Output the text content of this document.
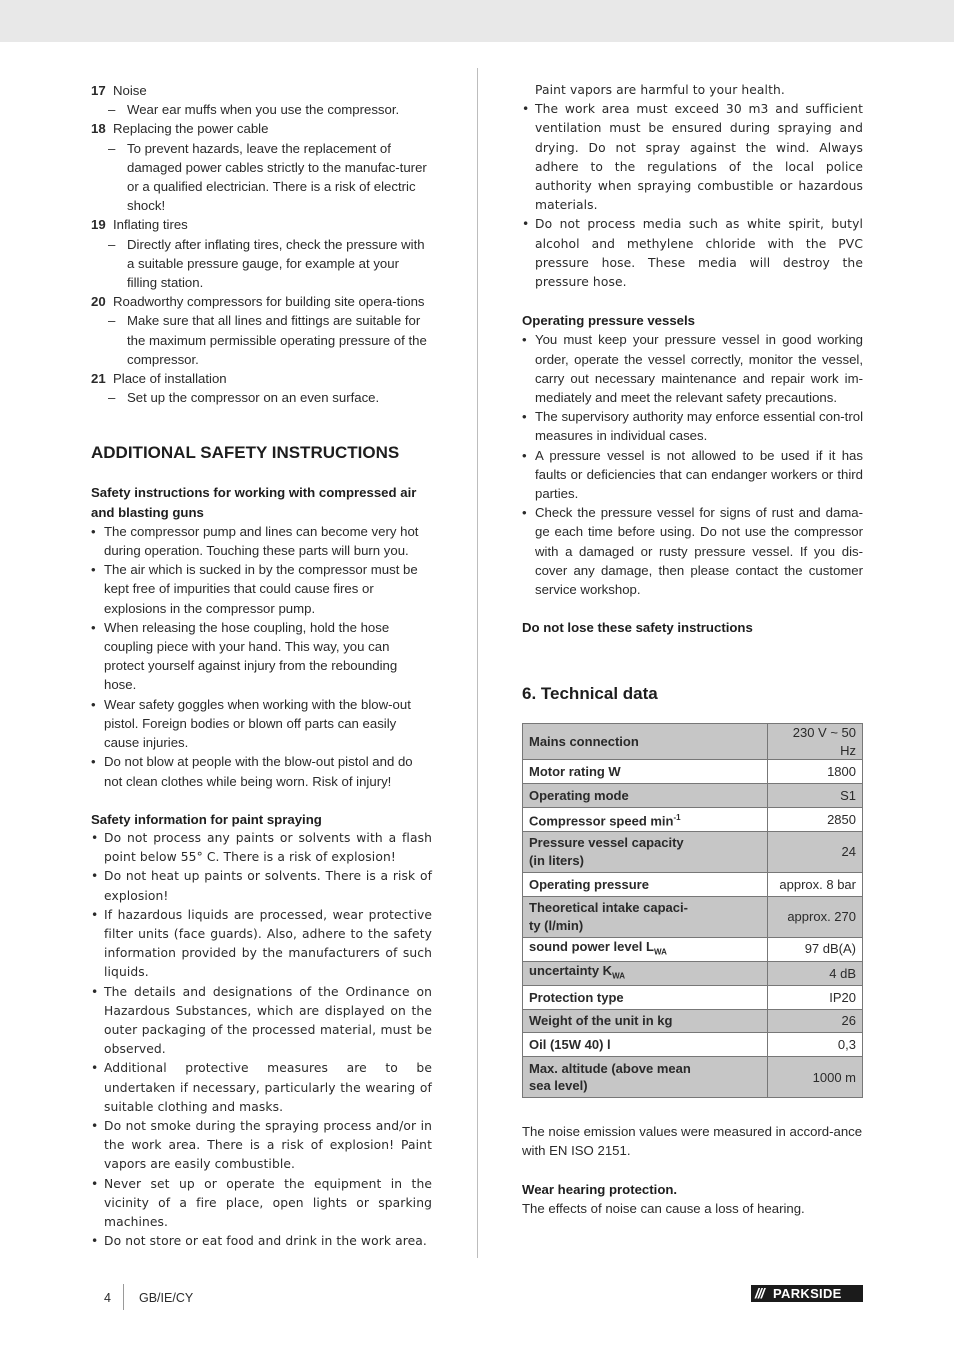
17 Noise
– Wear ear muffs when you use the compressor.
18 Replacing the power cable
– To prevent hazards, leave the replacement of damaged power cables strictly to the manufac-turer or a qualified electrician. There is a risk of electric shock!
19 Inflating tires
– Directly after inflating tires, check the pressure with a suitable pressure gauge, for example at your filling station.
20 Roadworthy compressors for building site opera-tions
– Make sure that all lines and fittings are suitable for the maximum permissible operating pressure of the compressor.
21 Place of installation
– Set up the compressor on an even surface.
ADDITIONAL SAFETY INSTRUCTIONS
Safety instructions for working with compressed air and blasting guns
• The compressor pump and lines can become very hot during operation. Touching these parts will burn you.
• The air which is sucked in by the compressor must be kept free of impurities that could cause fires or explosions in the compressor pump.
• When releasing the hose coupling, hold the hose coupling piece with your hand. This way, you can protect yourself against injury from the rebounding hose.
• Wear safety goggles when working with the blow-out pistol. Foreign bodies or blown off parts can easily cause injuries.
• Do not blow at people with the blow-out pistol and do not clean clothes while being worn. Risk of injury!
Safety information for paint spraying
• Do not process any paints or solvents with a flash point below 55° C. There is a risk of explosion!
• Do not heat up paints or solvents. There is a risk of explosion!
• If hazardous liquids are processed, wear protective filter units (face guards). Also, adhere to the safety information provided by the manufacturers of such liquids.
• The details and designations of the Ordinance on Hazardous Substances, which are displayed on the outer packaging of the processed material, must be observed.
• Additional protective measures are to be undertaken if necessary, particularly the wearing of suitable clothing and masks.
• Do not smoke during the spraying process and/or in the work area. There is a risk of explosion! Paint vapors are easily combustible.
• Never set up or operate the equipment in the vicinity of a fire place, open lights or sparking machines.
• Do not store or eat food and drink in the work area.
Paint vapors are harmful to your health.
• The work area must exceed 30 m3 and sufficient ventilation must be ensured during spraying and drying. Do not spray against the wind. Always adhere to the regulations of the local police authority when spraying combustible or hazardous materials.
• Do not process media such as white spirit, butyl alcohol and methylene chloride with the PVC pressure hose. These media will destroy the pressure hose.
Operating pressure vessels
• You must keep your pressure vessel in good working order, operate the vessel correctly, monitor the vessel, carry out necessary maintenance and repair work im-mediately and meet the relevant safety precautions.
• The supervisory authority may enforce essential con-trol measures in individual cases.
• A pressure vessel is not allowed to be used if it has faults or deficiencies that can endanger workers or third parties.
• Check the pressure vessel for signs of rust and dama-ge each time before using. Do not use the compressor with a damaged or rusty pressure vessel. If you dis-cover any damage, then please contact the customer service workshop.
Do not lose these safety instructions
6. Technical data
Mains connection	230 V ~ 50 Hz
Motor rating W	1800
Operating mode	S1
Compressor speed $\min^{-1}$	2850
Pressure vessel capacity
(in liters)	24
Operating pressure	approx. 8 bar
Theoretical intake capaci-
ty (l/min)	approx. 270
sound power level $L_{WA}$	97 dB(A)
uncertainty $K_{WA}$	4 dB
Protection type	IP20
Weight of the unit in kg	26
Oil (15W 40) l	0,3
Max. altitude (above mean
sea level)	1000 m
The noise emission values were measured in accord-ance with EN ISO 2151.
Wear hearing protection.
The effects of noise can cause a loss of hearing.
4 GB/IE/CY	/// PARKSIDE
